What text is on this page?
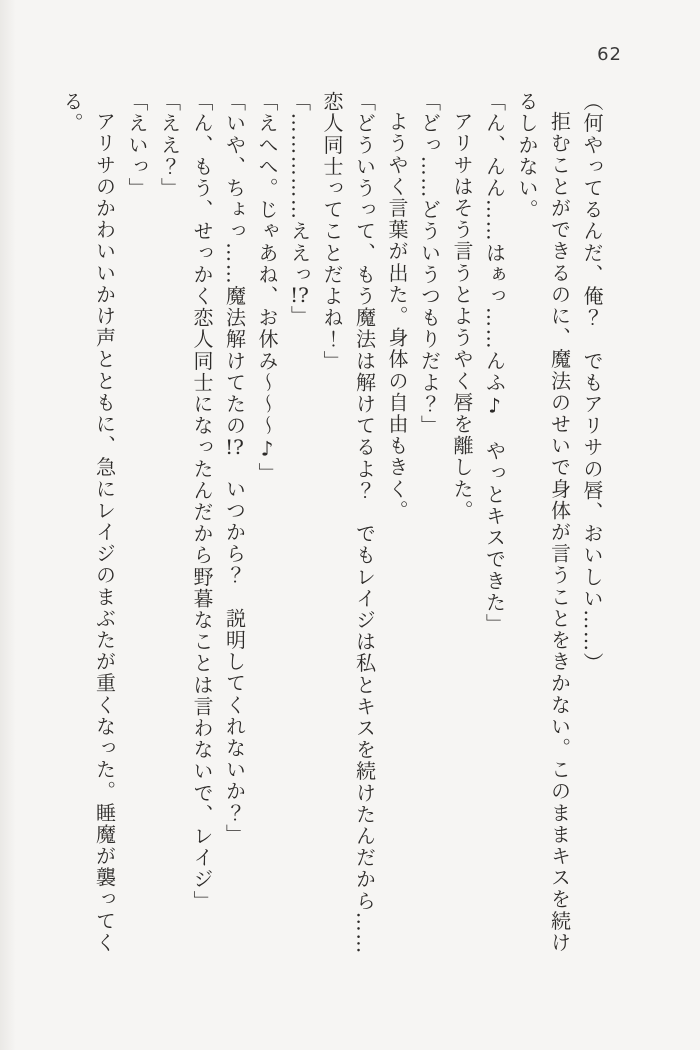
62

（何やってるんだ、俺？　でもアリサの唇、おいしい……）

拒むことができるのに、魔法のせいで身体が言うことをきかない。このままキスを続けるしかない。

「ん、んん……はぁっ……んふ♪　やっとキスできた」

アリサはそう言うとようやく唇を離した。

「どっ……どういうつもりだよ？」

ようやく言葉が出た。身体の自由もきく。

「どういうって、もう魔法は解けてるよ？　でもレイジは私とキスを続けたんだから……恋人同士ってことだよね！」

「……………ええっ!?」

「えへへ。じゃあね、お休み～～～♪」

「いや、ちょっ……魔法解けてたの!?　いつから？　説明してくれないか？」

「ん、もう、せっかく恋人同士になったんだから野暮なことは言わないで、レイジ」

「ええ？」

「えいっ」

アリサのかわいいかけ声とともに、急にレイジのまぶたが重くなった。睡魔が襲ってくる。
